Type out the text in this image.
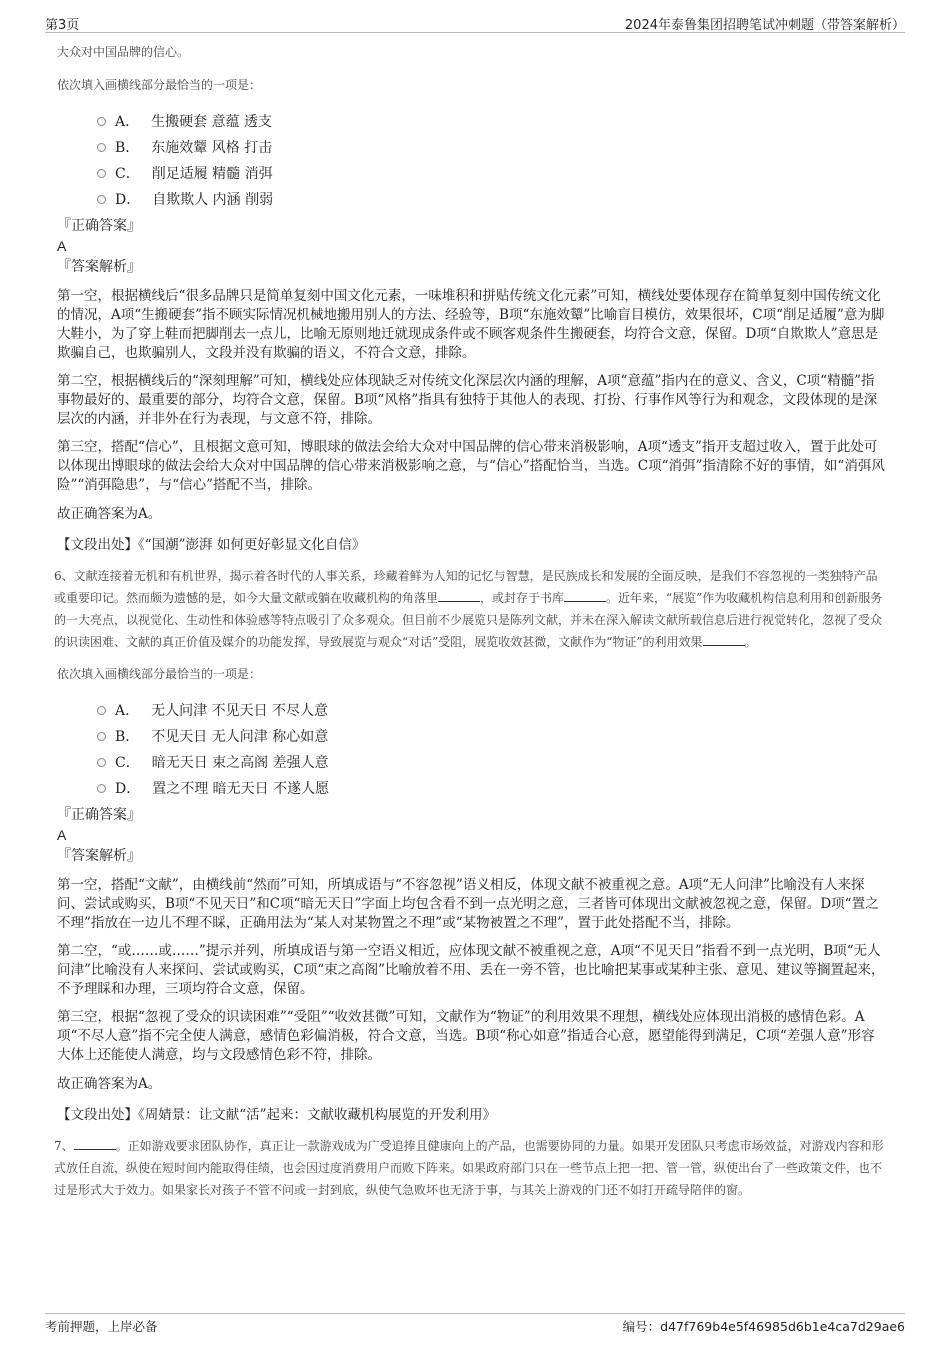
第3页	2024年泰鲁集团招聘笔试冲刺题（带答案解析）

大众对中国品牌的信心。

依次填入画横线部分最恰当的一项是：

A． 生搬硬套 意蕴 透支
B． 东施效颦 风格 打击
C． 削足适履 精髓 消弭
D． 自欺欺人 内涵 削弱

『正确答案』

A

『答案解析』

第一空，根据横线后“很多品牌只是简单复刻中国文化元素，一味堆积和拼贴传统文化元素”可知，横线处要体现存在简单复刻中国传统文化的情况，A项“生搬硬套”指不顾实际情况机械地搬用别人的方法、经验等，B项“东施效颦”比喻盲目模仿，效果很坏，C项“削足适履”意为脚大鞋小，为了穿上鞋而把脚削去一点儿，比喻无原则地迁就现成条件或不顾客观条件生搬硬套，均符合文意，保留。D项“自欺欺人”意思是欺骗自己，也欺骗别人，文段并没有欺骗的语义，不符合文意，排除。

第二空，根据横线后的“深刻理解”可知，横线处应体现缺乏对传统文化深层次内涵的理解，A项“意蕴”指内在的意义、含义，C项“精髓”指事物最好的、最重要的部分，均符合文意，保留。B项“风格”指具有独特于其他人的表现、打扮、行事作风等行为和观念，文段体现的是深层次的内涵，并非外在行为表现，与文意不符，排除。

第三空，搭配“信心”，且根据文意可知，博眼球的做法会给大众对中国品牌的信心带来消极影响，A项“透支”指开支超过收入，置于此处可以体现出博眼球的做法会给大众对中国品牌的信心带来消极影响之意，与“信心”搭配恰当，当选。C项“消弭”指清除不好的事情，如“消弭风险”“消弭隐患”，与“信心”搭配不当，排除。

故正确答案为A。

【文段出处】《“国潮”澎湃 如何更好彰显文化自信》

6、文献连接着无机和有机世界，揭示着各时代的人事关系，珍藏着鲜为人知的记忆与智慧，是民族成长和发展的全面反映，是我们不容忽视的一类独特产品或重要印记。然而颇为遗憾的是，如今大量文献或躺在收藏机构的角落里	，或封存于书库	。近年来，“展览”作为收藏机构信息利用和创新服务的一大亮点，以视觉化、生动性和体验感等特点吸引了众多观众。但目前不少展览只是陈列文献，并未在深入解读文献所载信息后进行视觉转化，忽视了受众的识读困难、文献的真正价值及媒介的功能发挥，导致展览与观众“对话”受阻，展览收效甚微，文献作为“物证”的利用效果	。

依次填入画横线部分最恰当的一项是：

A． 无人问津 不见天日 不尽人意
B． 不见天日 无人问津 称心如意
C． 暗无天日 束之高阁 差强人意
D． 置之不理 暗无天日 不遂人愿

『正确答案』

A

『答案解析』

第一空，搭配“文献”，由横线前“然而”可知，所填成语与“不容忽视”语义相反，体现文献不被重视之意。A项“无人问津”比喻没有人来探问、尝试或购买，B项“不见天日”和C项“暗无天日”字面上均包含看不到一点光明之意，三者皆可体现出文献被忽视之意，保留。D项“置之不理”指放在一边儿不理不睬，正确用法为“某人对某物置之不理”或“某物被置之不理”，置于此处搭配不当，排除。

第二空，“或……或……”提示并列，所填成语与第一空语义相近，应体现文献不被重视之意，A项“不见天日”指看不到一点光明，B项“无人问津”比喻没有人来探问、尝试或购买，C项“束之高阁”比喻放着不用、丢在一旁不管，也比喻把某事或某种主张、意见、建议等搁置起来，不予理睬和办理，三项均符合文意，保留。

第三空，根据“忽视了受众的识读困难”“受阻”“收效甚微”可知，文献作为“物证”的利用效果不理想，横线处应体现出消极的感情色彩。A项“不尽人意”指不完全使人满意，感情色彩偏消极，符合文意，当选。B项“称心如意”指适合心意，愿望能得到满足，C项“差强人意”形容大体上还能使人满意，均与文段感情色彩不符，排除。

故正确答案为A。

【文段出处】《周婧景：让文献“活”起来：文献收藏机构展览的开发利用》

7、	。正如游戏要求团队协作，真正让一款游戏成为广受追捧且健康向上的产品，也需要协同的力量。如果开发团队只考虑市场效益，对游戏内容和形式放任自流，纵使在短时间内能取得佳绩，也会因过度消费用户而败下阵来。如果政府部门只在一些节点上把一把、管一管，纵使出台了一些政策文件，也不过是形式大于效力。如果家长对孩子不管不问或一封到底，纵使气急败坏也无济于事，与其关上游戏的门还不如打开疏导陪伴的窗。

考前押题，上岸必备	编号：d47f769b4e5f46985d6b1e4ca7d29ae6
